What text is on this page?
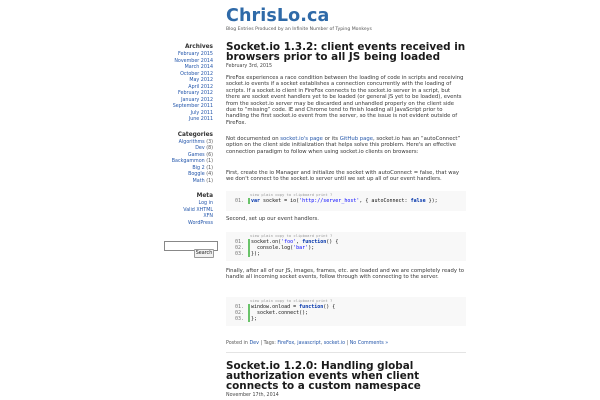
ChrisLo.ca
Blog Entries Produced by an Infinite Number of Typing Monkeys
Archives
February 2015
November 2014
March 2014
October 2012
May 2012
April 2012
February 2012
January 2012
September 2011
July 2011
June 2011
Categories
Algorithms (3)
Dev (8)
Games (6)
Backgammon (1)
Big 2 (1)
Boggle (4)
Math (1)
Meta
Log in
Valid XHTML
XFN
WordPress
Search
Socket.io 1.3.2: client events received in browsers prior to all JS being loaded
February 3rd, 2015

FireFox experiences a race condition between the loading of code in scripts and receiving socket.io events if a socket establishes a connection concurrently with the loading of scripts. If a socket.io client in FireFox connects to the socket.io server in a script, but there are socket event handlers yet to be loaded (or general JS yet to be loaded), events from the socket.io server may be discarded and unhandled properly on the client side due to “missing” code. IE and Chrome tend to finish loading all JavaScript prior to handling the first socket.io event from the server, so the issue is not evident outside of FireFox.

Not documented on socket.io's page or its GitHub page, socket.io has an “autoConnect” option on the client side initialization that helps solve this problem. Here's an effective connection paradigm to follow when using socket.io clients on browsers:

First, create the io Manager and initialize the socket with autoConnect = false, that way we don't connect to the socket.io server until we set up all of our event handlers.

view plain copy to clipboard print ?
01. var socket = io('http://server_host', { autoConnect: false });

Second, set up our event handlers.

view plain copy to clipboard print ?
01. socket.on('foo', function() {
02. console.log('bar');
03. });

Finally, after all of our JS, images, frames, etc. are loaded and we are completely ready to handle all incoming socket events, follow through with connecting to the server.

view plain copy to clipboard print ?
01. window.onload = function() {
02. socket.connect();
03. };
Posted in Dev | Tags: FireFox, javascript, socket.io | No Comments »
Socket.io 1.2.0: Handling global authorization events when client connects to a custom namespace
November 17th, 2014
